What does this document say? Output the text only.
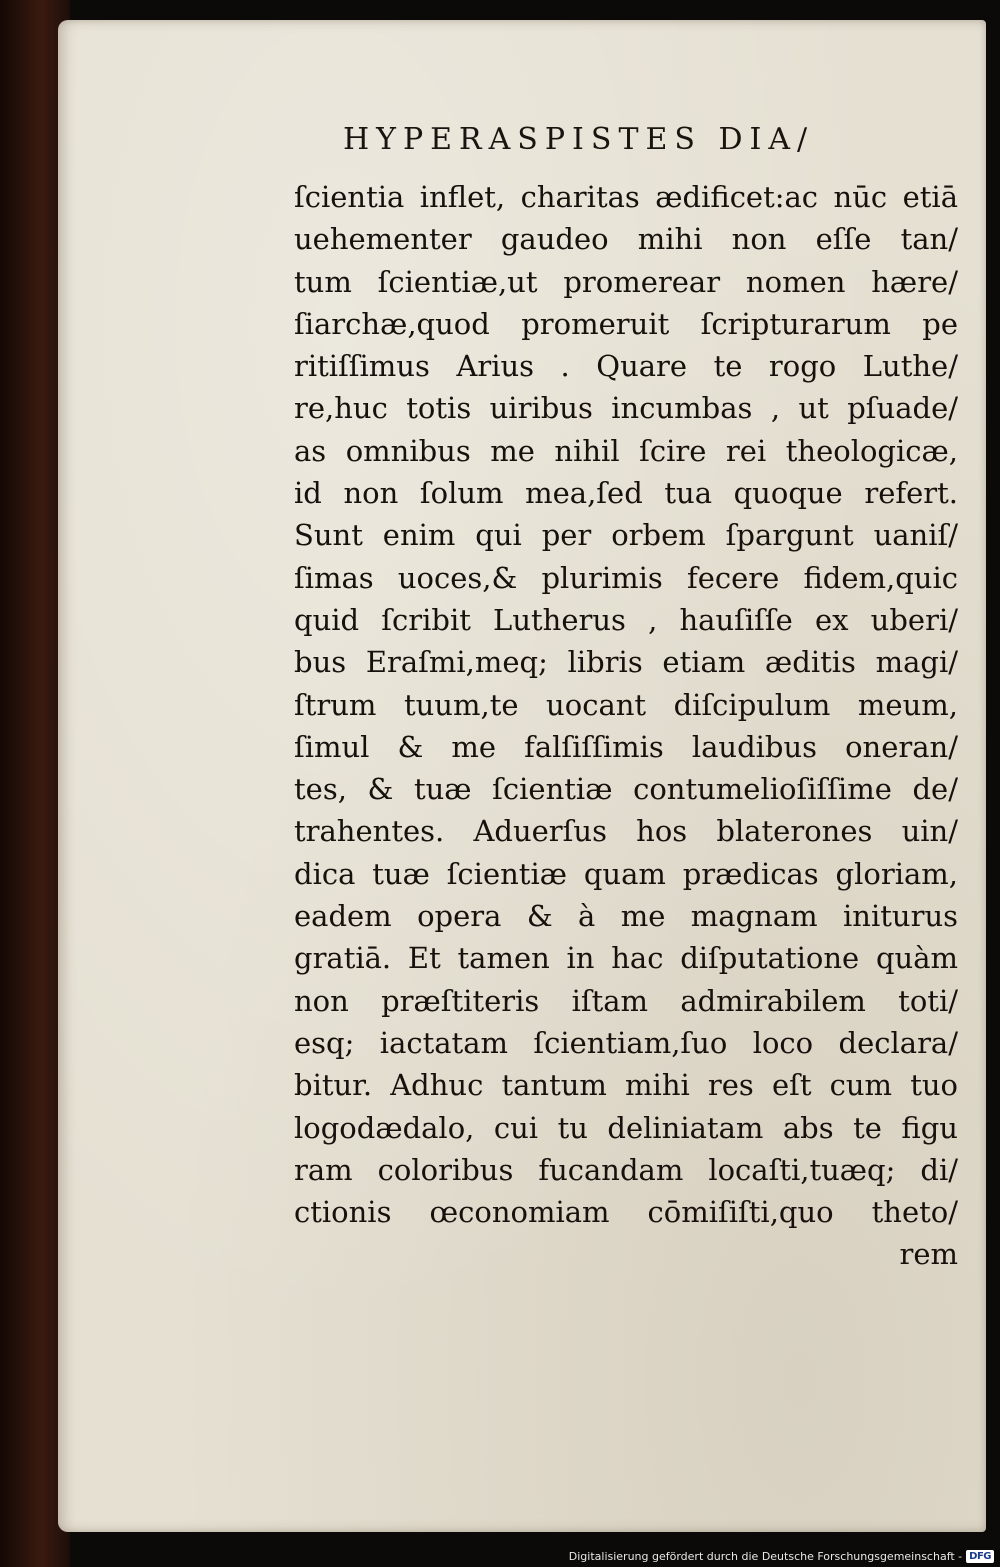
HYPERASPISTES DIA/
ſcientia inflet, charitas ædificet:ac nūc etiā
uehementer gaudeo mihi non eſſe tan/
tum ſcientiæ,ut promerear nomen hære/
ſiarchæ,quod promeruit ſcripturarum pe
ritiſſimus Arius . Quare te rogo Luthe/
re,huc totis uiribus incumbas , ut pſuade/
as omnibus me nihil ſcire rei theologicæ,
id non ſolum mea,ſed tua quoque refert.
Sunt enim qui per orbem ſpargunt uaniſ/
ſimas uoces,& plurimis fecere fidem,quic
quid ſcribit Lutherus , hauſiſſe ex uberi/
bus Eraſmi,meq; libris etiam æditis magi/
ſtrum tuum,te uocant diſcipulum meum,
ſimul & me falſiſſimis laudibus oneran/
tes, & tuæ ſcientiæ contumelioſiſſime de/
trahentes. Aduerſus hos blaterones uin/
dica tuæ ſcientiæ quam prædicas gloriam,
eadem opera & à me magnam initurus
gratiā. Et tamen in hac diſputatione quàm
non præſtiteris iſtam admirabilem toti/
esq; iactatam ſcientiam,ſuo loco declara/
bitur. Adhuc tantum mihi res eſt cum tuo
logodædalo, cui tu deliniatam abs te figu
ram coloribus fucandam locaſti,tuæq; di/
ctionis œconomiam cōmiſiſti,quo theto/
rem
Digitalisierung gefördert durch die Deutsche Forschungsgemeinschaft - DFG
